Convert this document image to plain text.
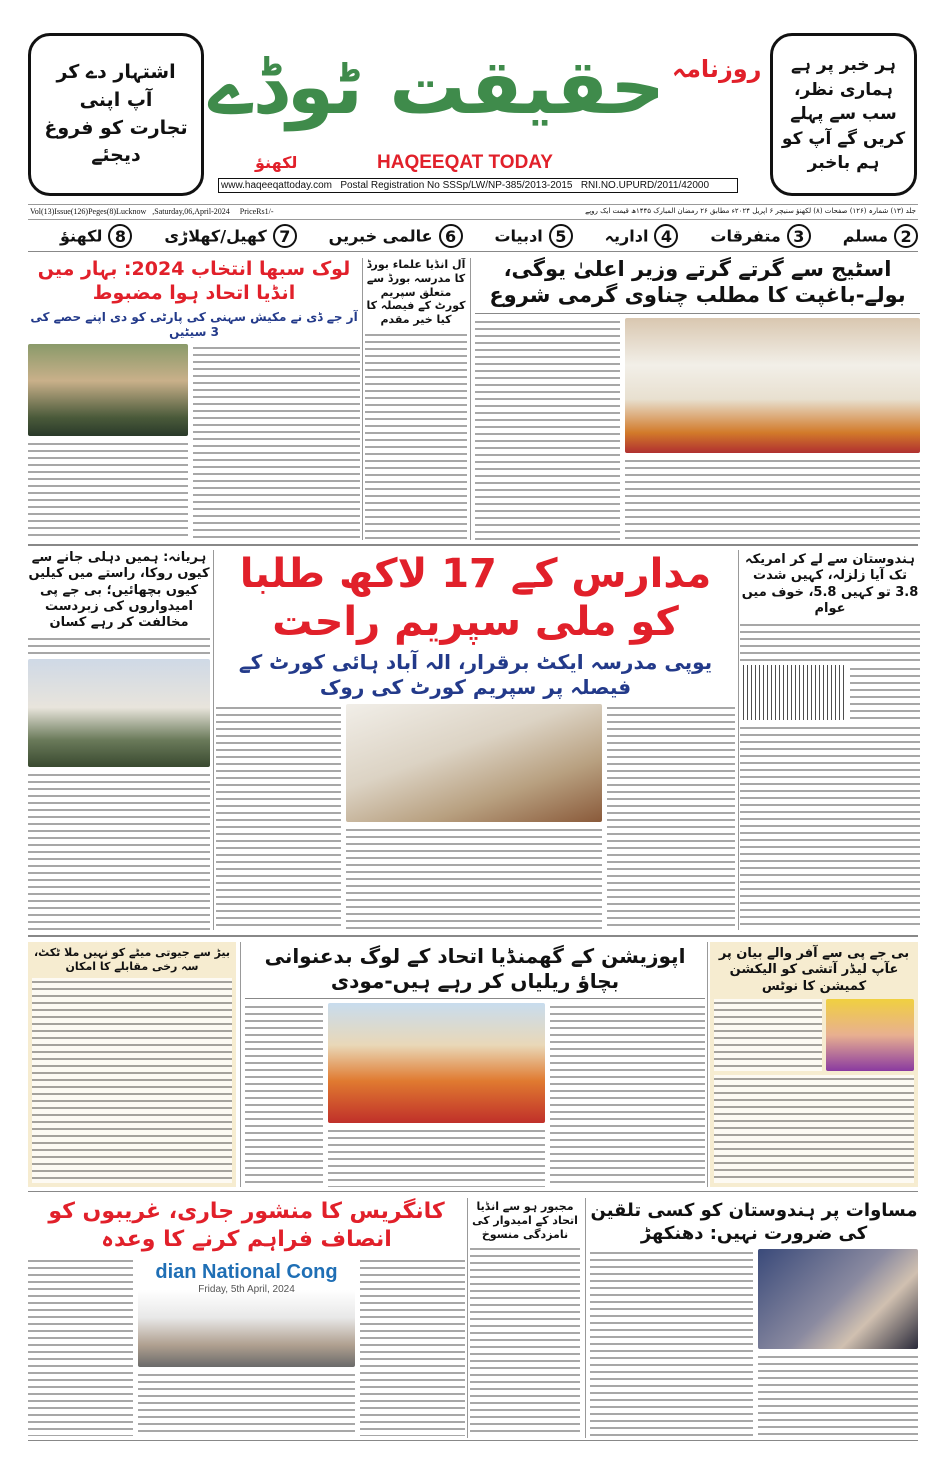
اشتہار دے کر
آپ اپنی
تجارت کو فروغ
دیجئے
ہر خبر پر ہے
ہماری نظر،
سب سے پہلے
کریں گے آپ کو
ہم باخبر
روزنامہ
حقیقت ٹوڈے
لکھنؤ	HAQEEQAT TODAY
www.haqeeqattoday.com   Postal Registration No SSSp/LW/NP-385/2013-2015   RNI.NO.UPURD/2011/42000
Vol(13)Issue(126)Peges(8)Lucknow   ,Saturday,06,April-2024     PriceRs1/-	جلد (۱۳) شمارہ (۱۲۶) صفحات (۸) لکھنؤ سنیچر ۶ اپریل ۲۰۲۴ء مطابق ۲۶ رمضان المبارک ۱۴۴۵ھ قیمت ایک روپے
2مسلم
3متفرقات
4اداریہ
5ادبیات
6عالمی خبریں
7کھیل/کھلاڑی
8لکھنؤ
اسٹیج سے گرتے گرتے وزیر اعلیٰ یوگی، بولے-باغپت کا مطلب چناوی گرمی شروع
آل انڈیا علماء بورڈ کا مدرسہ بورڈ سے متعلق سپریم کورٹ کے فیصلہ کا کیا خیر مقدم
لوک سبھا انتخاب 2024: بہار میں انڈیا اتحاد ہوا مضبوط
آر جے ڈی نے مکیش سہنی کی پارٹی کو دی اپنے حصے کی 3 سیٹیں
ہریانہ: ہمیں دہلی جانے سے کیوں روکا، راستے میں کیلیں کیوں بچھائیں؛ بی جے پی امیدواروں کی زبردست مخالفت کر رہے کسان
مدارس کے 17 لاکھ طلبا کو ملی سپریم راحت
یوپی مدرسہ ایکٹ برقرار، الہ آباد ہائی کورٹ کے فیصلہ پر سپریم کورٹ کی روک
ہندوستان سے لے کر امریکہ تک آیا زلزلہ، کہیں شدت 3.8 تو کہیں 5.8، خوف میں عوام
بیڑ سے جیوتی میٹے کو نہیں ملا ٹکٹ، سہ رخی مقابلے کا امکان	اپوزیشن کے گھمنڈیا اتحاد کے لوگ بدعنوانی بچاؤ ریلیاں کر رہے ہیں-مودی
بی جے پی سے آفر والے بیان پر عآپ لیڈر آتشی کو الیکشن کمیشن کا نوٹس
کانگریس کا منشور جاری، غریبوں کو انصاف فراہم کرنے کا وعدہ
dian National Cong
Friday, 5th April, 2024
مجبور ہو سے انڈیا اتحاد کے امیدوار کی نامزدگی منسوخ
مساوات پر ہندوستان کو کسی تلقین کی ضرورت نہیں: دھنکھڑ
